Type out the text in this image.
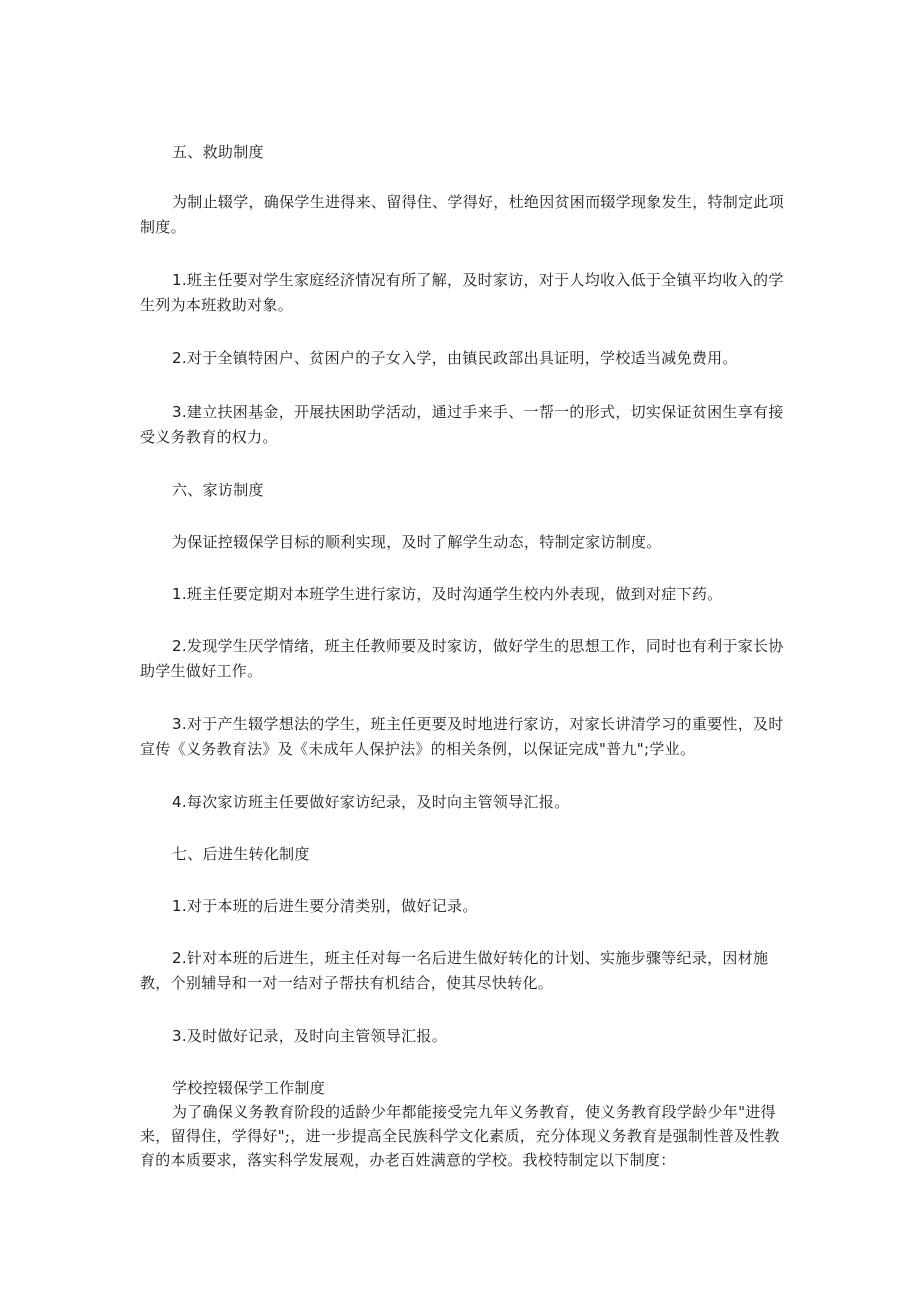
五、救助制度

为制止辍学，确保学生进得来、留得住、学得好，杜绝因贫困而辍学现象发生，特制定此项制度。

1.班主任要对学生家庭经济情况有所了解，及时家访，对于人均收入低于全镇平均收入的学生列为本班救助对象。

2.对于全镇特困户、贫困户的子女入学，由镇民政部出具证明，学校适当减免费用。

3.建立扶困基金，开展扶困助学活动，通过手来手、一帮一的形式，切实保证贫困生享有接受义务教育的权力。

六、家访制度

为保证控辍保学目标的顺利实现，及时了解学生动态，特制定家访制度。

1.班主任要定期对本班学生进行家访，及时沟通学生校内外表现，做到对症下药。

2.发现学生厌学情绪，班主任教师要及时家访，做好学生的思想工作，同时也有利于家长协助学生做好工作。

3.对于产生辍学想法的学生，班主任更要及时地进行家访，对家长讲清学习的重要性，及时宣传《义务教育法》及《未成年人保护法》的相关条例，以保证完成"普九";学业。

4.每次家访班主任要做好家访纪录，及时向主管领导汇报。

七、后进生转化制度

1.对于本班的后进生要分清类别，做好记录。

2.针对本班的后进生，班主任对每一名后进生做好转化的计划、实施步骤等纪录，因材施教，个别辅导和一对一结对子帮扶有机结合，使其尽快转化。

3.及时做好记录，及时向主管领导汇报。

学校控辍保学工作制度

为了确保义务教育阶段的适龄少年都能接受完九年义务教育，使义务教育段学龄少年"进得来，留得住，学得好";，进一步提高全民族科学文化素质，充分体现义务教育是强制性普及性教育的本质要求，落实科学发展观，办老百姓满意的学校。我校特制定以下制度：
